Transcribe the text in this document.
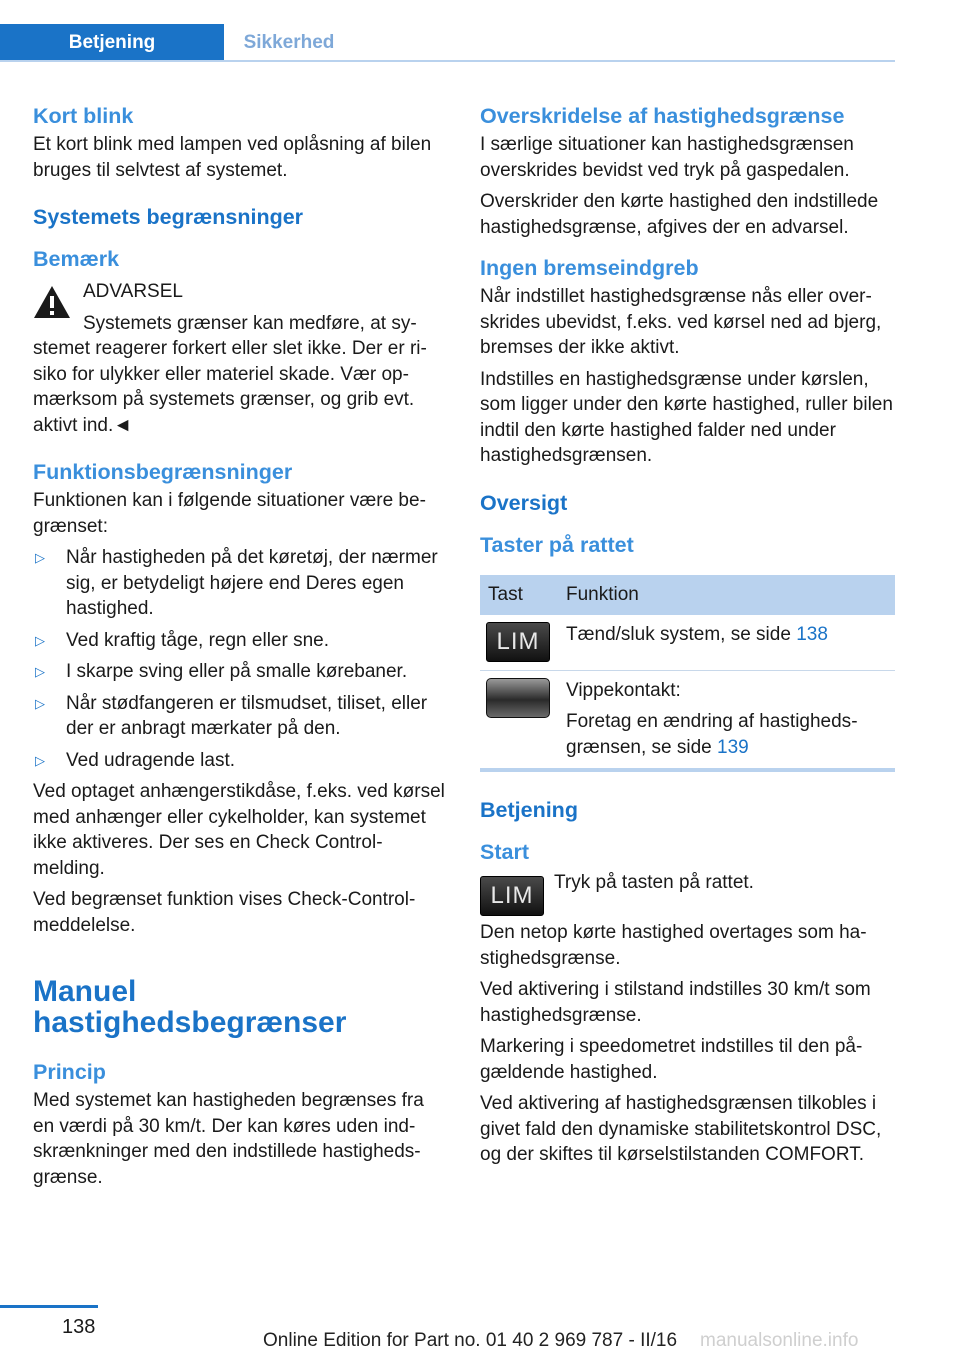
Betjening	Sikkerhed
Kort blink

Et kort blink med lampen ved oplåsning af bilen bruges til selvtest af systemet.

Systemets begrænsninger
Bemærk
ADVARSEL
Systemets grænser kan medføre, at systemet reagerer forkert eller slet ikke. Der er risiko for ulykker eller materiel skade. Vær opmærksom på systemets grænser, og grib evt. aktivt ind.◄
Funktionsbegrænsninger

Funktionen kan i følgende situationer være begrænset:

▷ Når hastigheden på det køretøj, der nærmer sig, er betydeligt højere end Deres egen hastighed.
▷ Ved kraftig tåge, regn eller sne.
▷ I skarpe sving eller på smalle kørebaner.
▷ Når stødfangeren er tilsmudset, tiliset, eller der er anbragt mærkater på den.
▷ Ved udragende last.

Ved optaget anhængerstikdåse, f.eks. ved kørsel med anhænger eller cykelholder, kan systemet ikke aktiveres. Der ses en Check Control-melding.

Ved begrænset funktion vises Check-Control-meddelelse.

Manuel hastighedsbegrænser
Princip

Med systemet kan hastigheden begrænses fra en værdi på 30 km/t. Der kan køres uden indskrænkninger med den indstillede hastighedsgrænse.

Overskridelse af hastighedsgrænse

I særlige situationer kan hastighedsgrænsen overskrides bevidst ved tryk på gaspedalen.

Overskrider den kørte hastighed den indstillede hastighedsgrænse, afgives der en advarsel.

Ingen bremseindgreb

Når indstillet hastighedsgrænse nås eller overskrides ubevidst, f.eks. ved kørsel ned ad bjerg, bremses der ikke aktivt.

Indstilles en hastighedsgrænse under kørslen, som ligger under den kørte hastighed, ruller bilen indtil den kørte hastighed falder ned under hastighedsgrænsen.

Oversigt
Taster på rattet
Tast	Funktion
LIM	Tænd/sluk system, se side 138

	Vippekontakt:

Foretag en ændring af hastighedsgrænsen, se side 139

Betjening
Start
LIM	Tryk på tasten på rattet.

Den netop kørte hastighed overtages som hastighedsgrænse.

Ved aktivering i stilstand indstilles 30 km/t som hastighedsgrænse.

Markering i speedometret indstilles til den pågældende hastighed.

Ved aktivering af hastighedsgrænsen tilkobles i givet fald den dynamiske stabilitetskontrol DSC, og der skiftes til kørselstilstanden COMFORT.

138
Online Edition for Part no. 01 40 2 969 787 - II/16 manualsonline.info
